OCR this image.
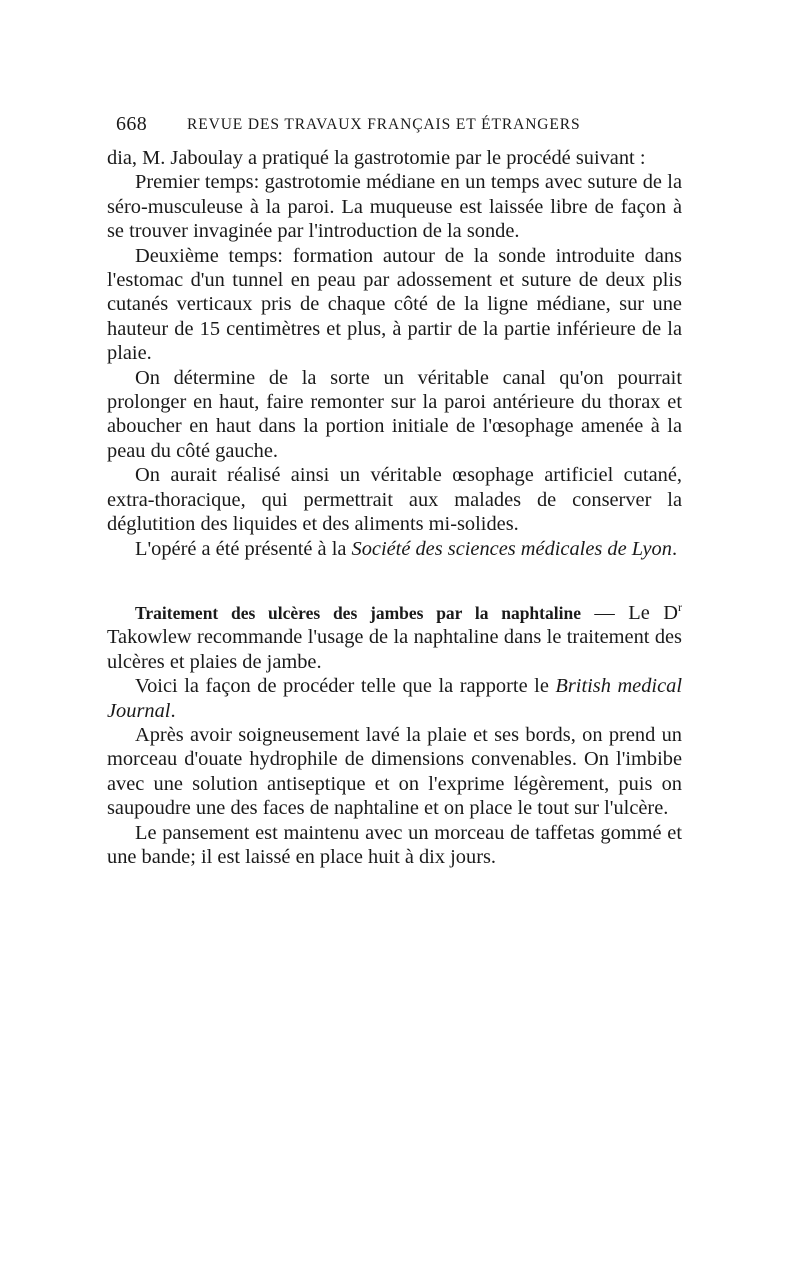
668	REVUE DES TRAVAUX FRANÇAIS ET ÉTRANGERS

dia, M. Jaboulay a pratiqué la gastrotomie par le procédé suivant :

Premier temps: gastrotomie médiane en un temps avec suture de la séro-musculeuse à la paroi. La muqueuse est laissée libre de façon à se trouver invaginée par l'introduction de la sonde.

Deuxième temps: formation autour de la sonde introduite dans l'estomac d'un tunnel en peau par adossement et suture de deux plis cutanés verticaux pris de chaque côté de la ligne médiane, sur une hauteur de 15 centimètres et plus, à partir de la partie inférieure de la plaie.

On détermine de la sorte un véritable canal qu'on pourrait prolonger en haut, faire remonter sur la paroi antérieure du thorax et aboucher en haut dans la portion initiale de l'œsophage amenée à la peau du côté gauche.

On aurait réalisé ainsi un véritable œsophage artificiel cutané, extra-thoracique, qui permettrait aux malades de conserver la déglutition des liquides et des aliments mi-solides.

L'opéré a été présenté à la Société des sciences médicales de Lyon.

Traitement des ulcères des jambes par la naphtaline — Le $D^r$ Takowlew recommande l'usage de la naphtaline dans le traitement des ulcères et plaies de jambe.

Voici la façon de procéder telle que la rapporte le British medical Journal.

Après avoir soigneusement lavé la plaie et ses bords, on prend un morceau d'ouate hydrophile de dimensions convenables. On l'imbibe avec une solution antiseptique et on l'exprime légèrement, puis on saupoudre une des faces de naphtaline et on place le tout sur l'ulcère.

Le pansement est maintenu avec un morceau de taffetas gommé et une bande; il est laissé en place huit à dix jours.
